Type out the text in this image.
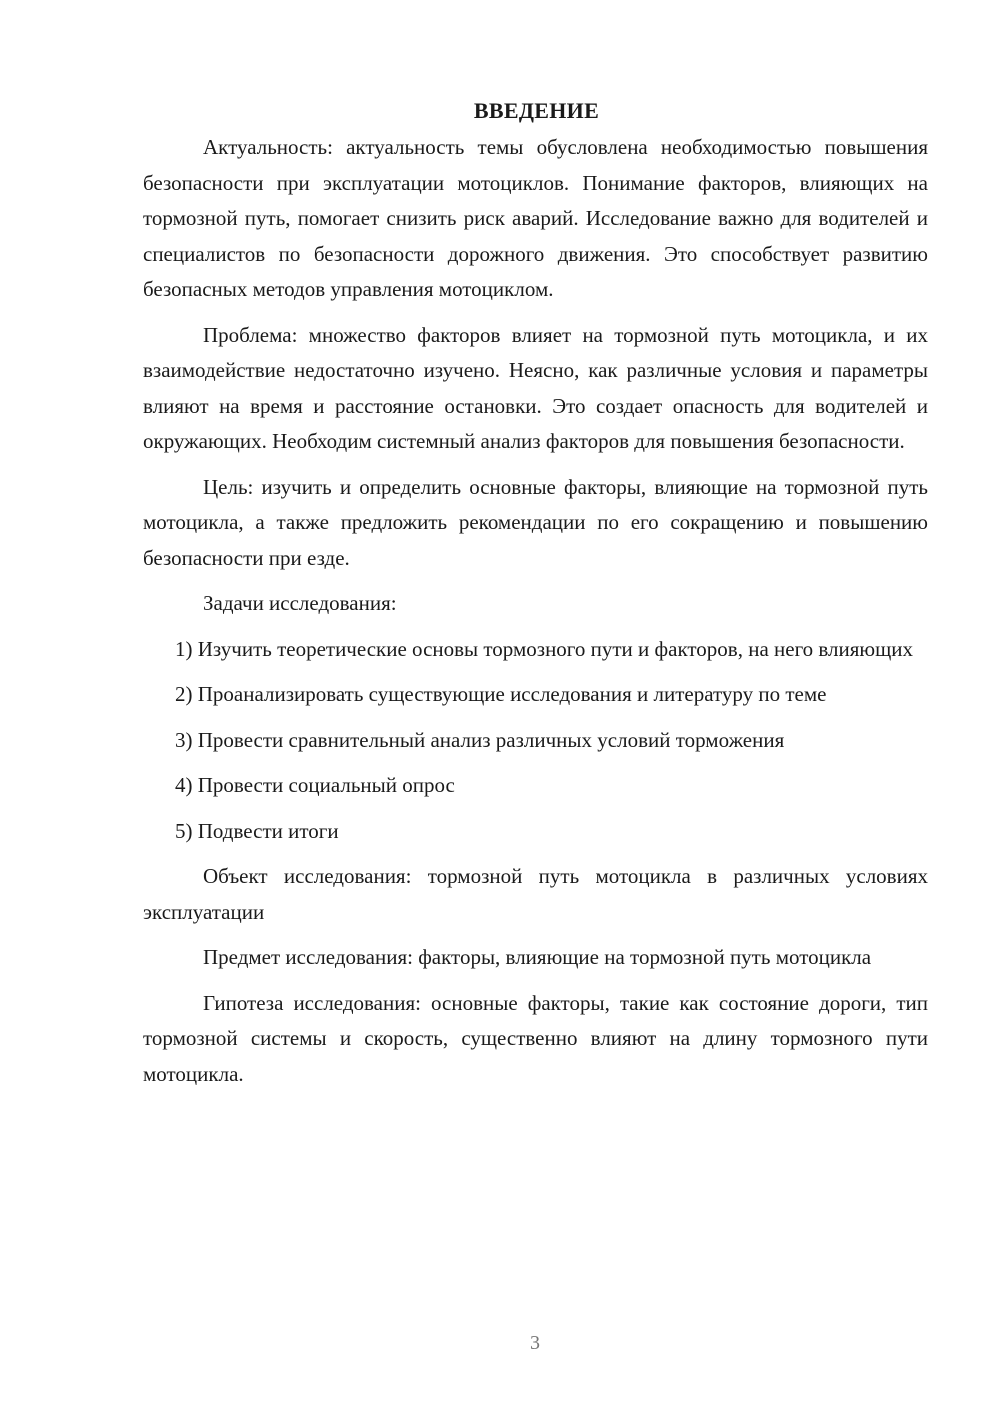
ВВЕДЕНИЕ

Актуальность: актуальность темы обусловлена необходимостью повышения безопасности при эксплуатации мотоциклов. Понимание факторов, влияющих на тормозной путь, помогает снизить риск аварий. Исследование важно для водителей и специалистов по безопасности дорожного движения. Это способствует развитию безопасных методов управления мотоциклом.

Проблема: множество факторов влияет на тормозной путь мотоцикла, и их взаимодействие недостаточно изучено. Неясно, как различные условия и параметры влияют на время и расстояние остановки. Это создает опасность для водителей и окружающих. Необходим системный анализ факторов для повышения безопасности.

Цель: изучить и определить основные факторы, влияющие на тормозной путь мотоцикла, а также предложить рекомендации по его сокращению и повышению безопасности при езде.

Задачи исследования:

1) Изучить теоретические основы тормозного пути и факторов, на него влияющих

2) Проанализировать существующие исследования и литературу по теме

3) Провести сравнительный анализ различных условий торможения

4) Провести социальный опрос

5) Подвести итоги

Объект исследования: тормозной путь мотоцикла в различных условиях эксплуатации

Предмет исследования: факторы, влияющие на тормозной путь мотоцикла

Гипотеза исследования: основные факторы, такие как состояние дороги, тип тормозной системы и скорость, существенно влияют на длину тормозного пути мотоцикла.

3
